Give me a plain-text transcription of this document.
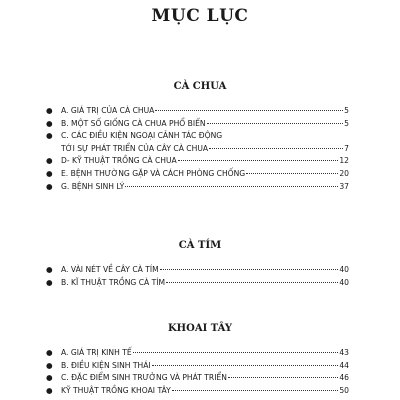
MỤC LỤC
CÀ CHUA
● A. GIÁ TRỊ CỦA CÀ CHUA	5
● B. MỘT SỐ GIỐNG CÀ CHUA PHỔ BIẾN	5
● C. CÁC ĐIỀU KIỆN NGOẠI CẢNH TÁC ĐỘNG
TỚI SỰ PHÁT TRIỂN CỦA CÂY CÀ CHUA	7
● D- KỸ THUẬT TRỒNG CÀ CHUA	12
● E. BỆNH THƯỜNG GẶP VÀ CÁCH PHÒNG CHỐNG	20
● G. BỆNH SINH LÝ	37
CÀ TÍM
● A. VÀI NÉT VỀ CÂY CÀ TÍM	40
● B. KĨ THUẬT TRỒNG CÀ TÍM	40
KHOAI TÂY
● A. GIÁ TRỊ KINH TẾ	43
● B. ĐIỀU KIỆN SINH THÁI	44
● C. ĐẶC ĐIỂM SINH TRƯỞNG VÀ PHÁT TRIỂN	46
● KỸ THUẬT TRỒNG KHOAI TÂY	50
